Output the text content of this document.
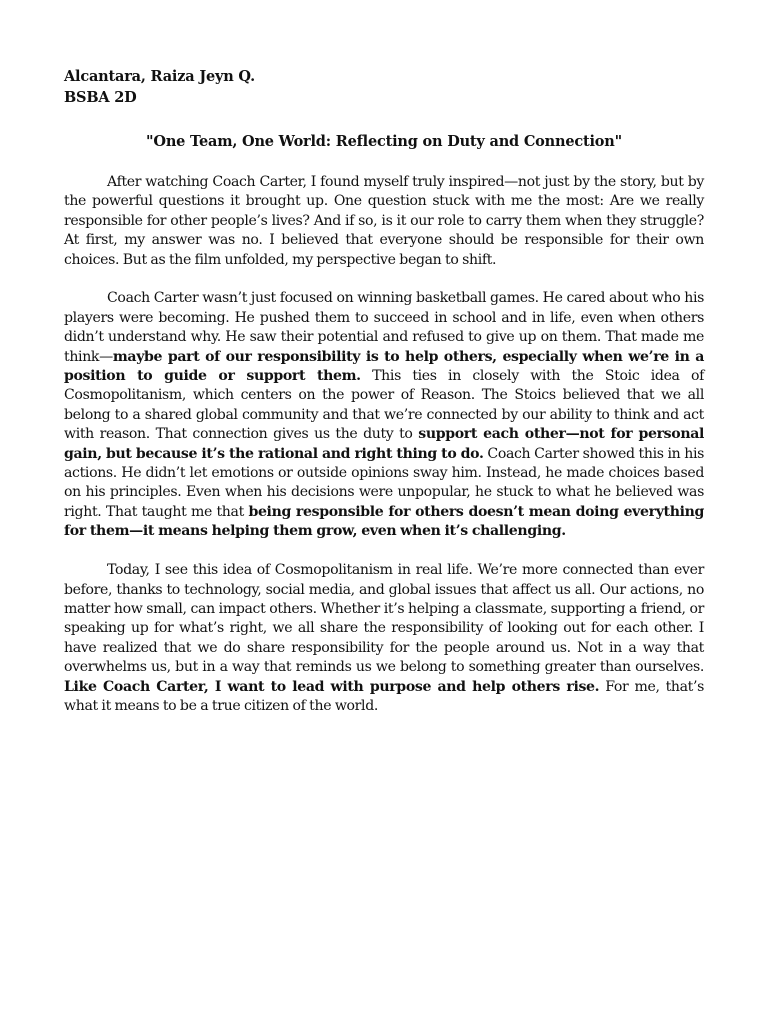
Alcantara, Raiza Jeyn Q.
BSBA 2D
"One Team, One World: Reflecting on Duty and Connection"

After watching Coach Carter, I found myself truly inspired—not just by the story, but by the powerful questions it brought up. One question stuck with me the most: Are we really responsible for other people’s lives? And if so, is it our role to carry them when they struggle? At first, my answer was no. I believed that everyone should be responsible for their own choices. But as the film unfolded, my perspective began to shift.

Coach Carter wasn’t just focused on winning basketball games. He cared about who his players were becoming. He pushed them to succeed in school and in life, even when others didn’t understand why. He saw their potential and refused to give up on them. That made me think—maybe part of our responsibility is to help others, especially when we’re in a position to guide or support them. This ties in closely with the Stoic idea of Cosmopolitanism, which centers on the power of Reason. The Stoics believed that we all belong to a shared global community and that we’re connected by our ability to think and act with reason. That connection gives us the duty to support each other—not for personal gain, but because it’s the rational and right thing to do. Coach Carter showed this in his actions. He didn’t let emotions or outside opinions sway him. Instead, he made choices based on his principles. Even when his decisions were unpopular, he stuck to what he believed was right. That taught me that being responsible for others doesn’t mean doing everything for them—it means helping them grow, even when it’s challenging.

Today, I see this idea of Cosmopolitanism in real life. We’re more connected than ever before, thanks to technology, social media, and global issues that affect us all. Our actions, no matter how small, can impact others. Whether it’s helping a classmate, supporting a friend, or speaking up for what’s right, we all share the responsibility of looking out for each other. I have realized that we do share responsibility for the people around us. Not in a way that overwhelms us, but in a way that reminds us we belong to something greater than ourselves. Like Coach Carter, I want to lead with purpose and help others rise. For me, that’s what it means to be a true citizen of the world.
